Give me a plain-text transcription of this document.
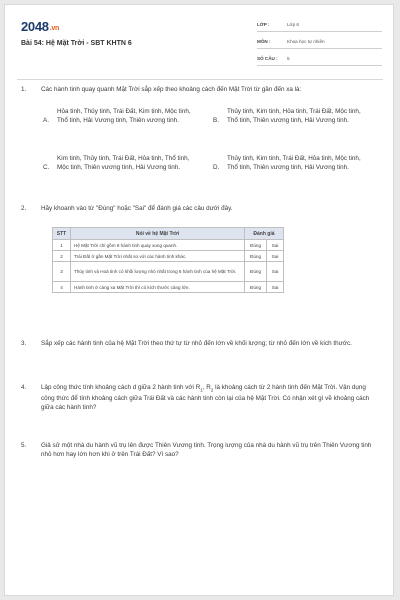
2048.vn
Bài 54: Hệ Mặt Trời - SBT KHTN 6
LỚP :	Lớp 6
MÔN :	Khoa học tự nhiên
SỐ CÂU : 5
1. Các hành tinh quay quanh Mặt Trời sắp xếp theo khoảng cách đến Mặt Trời từ gần đến xa là:
A.
Hỏa tinh, Thủy tinh, Trái Đất, Kim tinh, Mộc tinh, Thổ tinh, Hải Vương tinh, Thiên vương tinh.	B.
Thủy tinh, Kim tinh, Hỏa tinh, Trái Đất, Mộc tinh, Thổ tinh, Thiên vương tinh, Hải Vương tinh.
C.
Kim tinh, Thủy tinh, Trái Đất, Hỏa tinh, Thổ tinh, Mộc tinh, Thiên vương tinh, Hải Vương tinh.	D.
Thủy tinh, Kim tinh, Trái Đất, Hỏa tinh, Mộc tinh, Thổ tinh, Thiên vương tinh, Hải Vương tinh.
2. Hãy khoanh vào từ "Đúng" hoặc "Sai" để đánh giá các câu dưới đây.
STT	Nói về hệ Mặt Trời	Đánh giá	
1	Hệ Mặt Trời chỉ gồm 8 hành tinh quay xung quanh.	Đúng	Sai
2	Trái Đất ở gần Mặt Trời nhất so với các hành tinh khác.	Đúng	Sai
3	Thủy tinh và Hoả tinh có khối lượng nhỏ nhất trong 8 hành tinh của hệ Mặt Trời.	Đúng	Sai
4	Hành tinh ở càng xa Mặt Trời thì có kích thước càng lớn.	Đúng	Sai
3. Sắp xếp các hành tinh của hệ Mặt Trời theo thứ tự từ nhỏ đến lớn về khối lượng; từ nhỏ đến lớn về kích thước.
4. Lập công thức tính khoảng cách d giữa 2 hành tinh với $R_1$, $R_2$ là khoảng cách từ 2 hành tinh đến Mặt Trời. Vận dụng công thức để tính khoảng cách giữa Trái Đất và các hành tinh còn lại của hệ Mặt Trời. Có nhận xét gì về khoảng cách giữa các hành tinh?
5. Giả sử một nhà du hành vũ trụ lên được Thiên Vương tinh. Trọng lượng của nhà du hành vũ trụ trên Thiên Vương tinh nhỏ hơn hay lớn hơn khi ở trên Trái Đất? Vì sao?
